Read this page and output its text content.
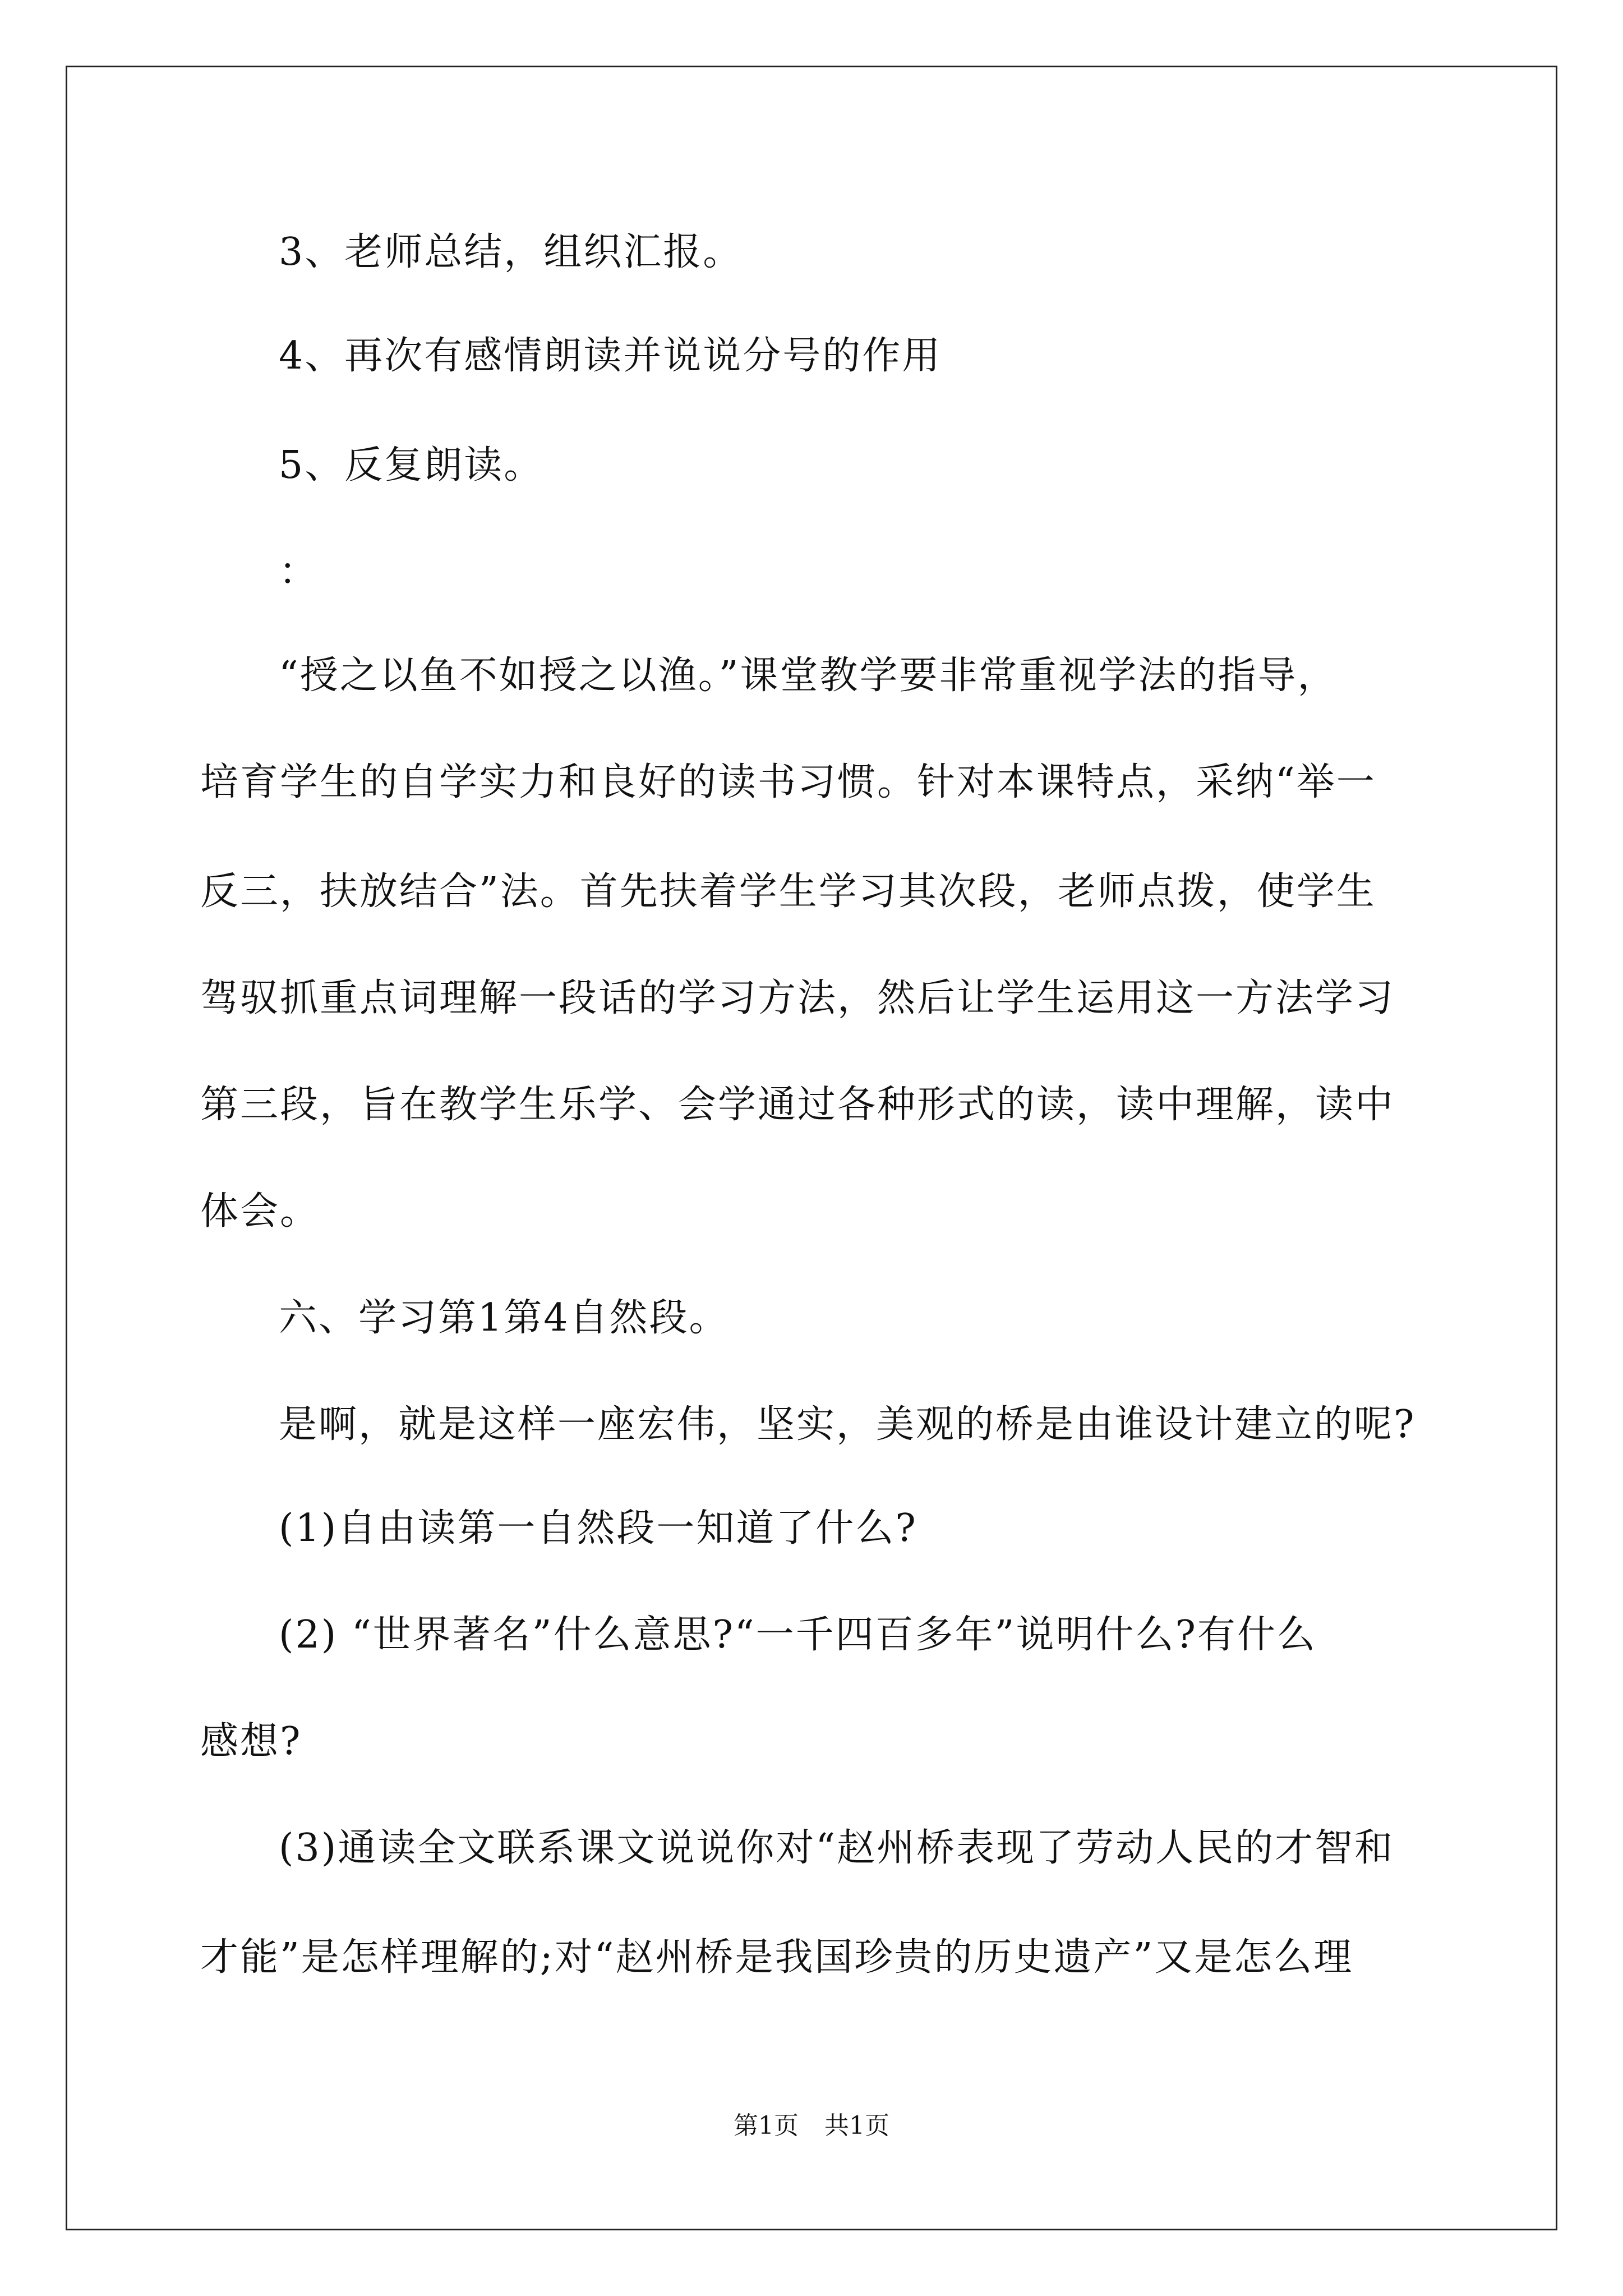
3、老师总结，组织汇报。

4、再次有感情朗读并说说分号的作用

5、反复朗读。

：

“授之以鱼不如授之以渔。”课堂教学要非常重视学法的指导，

培育学生的自学实力和良好的读书习惯。针对本课特点，采纳“举一

反三，扶放结合”法。首先扶着学生学习其次段，老师点拨，使学生

驾驭抓重点词理解一段话的学习方法，然后让学生运用这一方法学习

第三段，旨在教学生乐学、会学通过各种形式的读，读中理解，读中

体会。

六、学习第1第4自然段。

是啊，就是这样一座宏伟，坚实，美观的桥是由谁设计建立的呢?

(1)自由读第一自然段一知道了什么?

(2) “世界著名”什么意思?“一千四百多年”说明什么?有什么

感想?

(3)通读全文联系课文说说你对“赵州桥表现了劳动人民的才智和

才能”是怎样理解的;对“赵州桥是我国珍贵的历史遗产”又是怎么理

第1页 共1页
